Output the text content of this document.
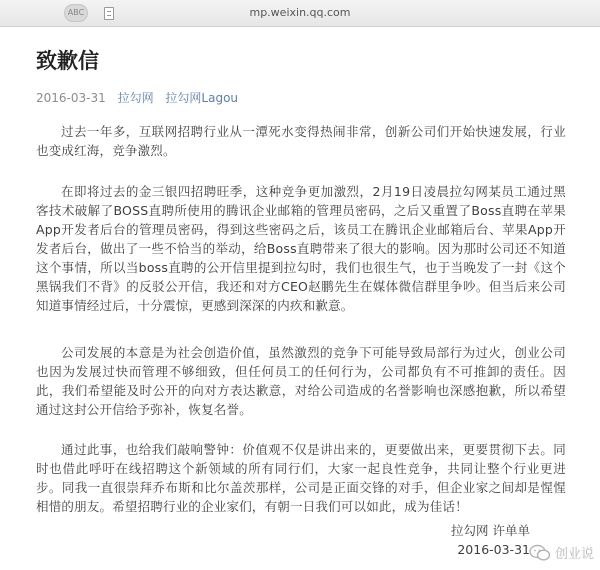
ABC	mp.weixin.qq.com
致歉信
2016-03-31 拉勾网 拉勾网Lagou

过去一年多，互联网招聘行业从一潭死水变得热闹非常，创新公司们开始快速发展，行业也变成红海，竞争激烈。

在即将过去的金三银四招聘旺季，这种竞争更加激烈，2月19日凌晨拉勾网某员工通过黑客技术破解了BOSS直聘所使用的腾讯企业邮箱的管理员密码，之后又重置了Boss直聘在苹果App开发者后台的管理员密码，得到这些密码之后，该员工在腾讯企业邮箱后台、苹果App开发者后台，做出了一些不恰当的举动，给Boss直聘带来了很大的影响。因为那时公司还不知道这个事情，所以当boss直聘的公开信里提到拉勾时，我们也很生气，也于当晚发了一封《这个黑锅我们不背》的反驳公开信，我还和对方CEO赵鹏先生在媒体微信群里争吵。但当后来公司知道事情经过后，十分震惊，更感到深深的内疚和歉意。

公司发展的本意是为社会创造价值，虽然激烈的竞争下可能导致局部行为过火，创业公司也因为发展过快而管理不够细致，但任何员工的任何行为，公司都负有不可推卸的责任。因此，我们希望能及时公开的向对方表达歉意，对给公司造成的名誉影响也深感抱歉，所以希望通过这封公开信给予弥补，恢复名誉。

通过此事，也给我们敲响警钟：价值观不仅是讲出来的，更要做出来，更要贯彻下去。同时也借此呼吁在线招聘这个新领域的所有同行们，大家一起良性竞争，共同让整个行业更进步。同我一直很崇拜乔布斯和比尔盖茨那样，公司是正面交锋的对手，但企业家之间却是惺惺相惜的朋友。希望招聘行业的企业家们，有朝一日我们可以如此，成为佳话！

拉勾网 许单单
2016-03-31 创业说
